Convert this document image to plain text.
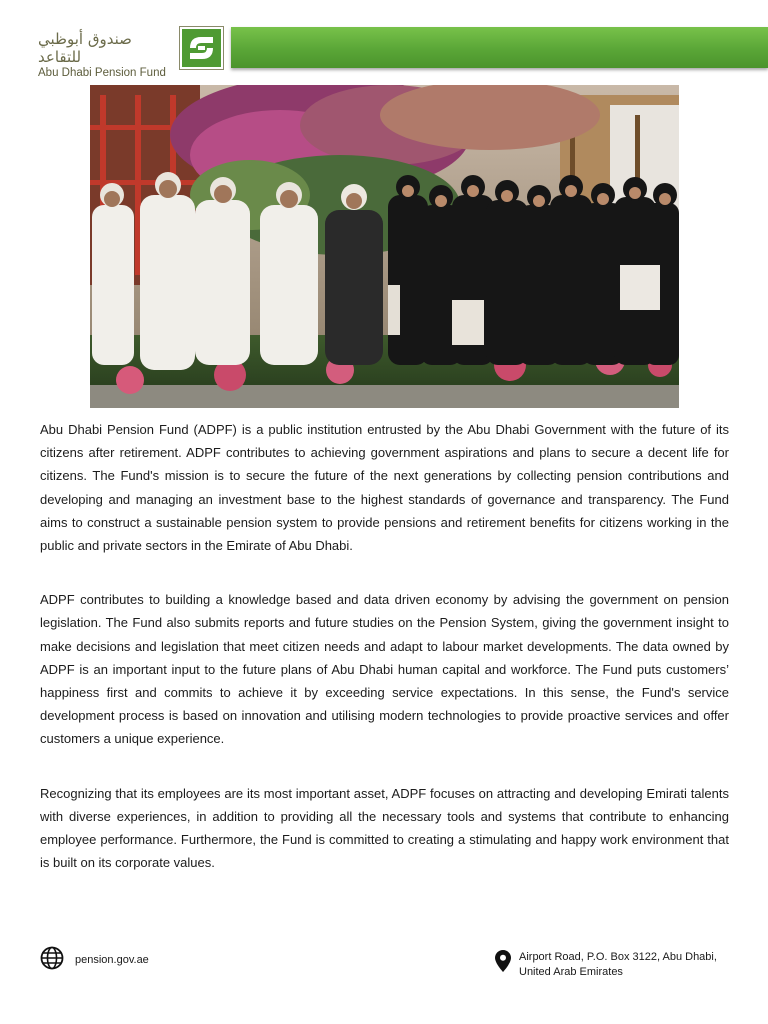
صندوق أبوظبي للتقاعد
Abu Dhabi Pension Fund

Abu Dhabi Pension Fund (ADPF) is a public institution entrusted by the Abu Dhabi Government with the future of its citizens after retirement. ADPF contributes to achieving government aspirations and plans to secure a decent life for citizens. The Fund's mission is to secure the future of the next generations by collecting pension contributions and developing and managing an investment base to the highest standards of governance and transparency. The Fund aims to construct a sustainable pension system to provide pensions and retirement benefits for citizens working in the public and private sectors in the Emirate of Abu Dhabi.

ADPF contributes to building a knowledge based and data driven economy by advising the government on pension legislation. The Fund also submits reports and future studies on the Pension System, giving the government insight to make decisions and legislation that meet citizen needs and adapt to labour market developments. The data owned by ADPF is an important input to the future plans of Abu Dhabi human capital and workforce. The Fund puts customers’ happiness first and commits to achieve it by exceeding service expectations. In this sense, the Fund's service development process is based on innovation and utilising modern technologies to provide proactive services and offer customers a unique experience.

Recognizing that its employees are its most important asset, ADPF focuses on attracting and developing Emirati talents with diverse experiences, in addition to providing all the necessary tools and systems that contribute to enhancing employee performance. Furthermore, the Fund is committed to creating a stimulating and happy work environment that is built on its corporate values.

pension.gov.ae	Airport Road, P.O. Box 3122, Abu Dhabi,
United Arab Emirates
